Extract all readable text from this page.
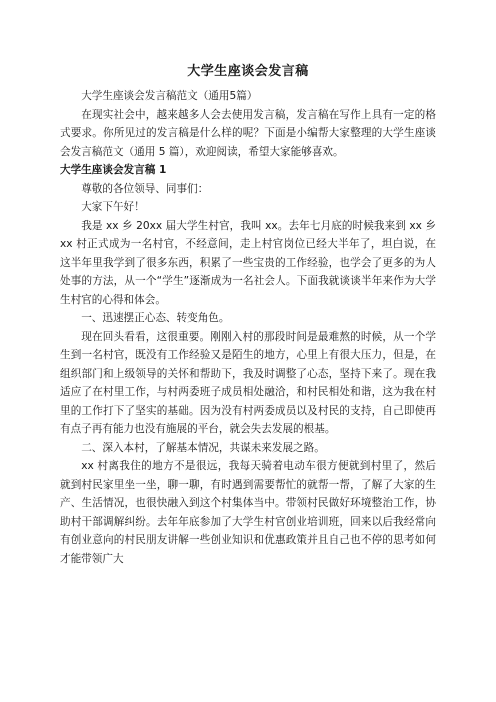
大学生座谈会发言稿

大学生座谈会发言稿范文（通用5篇）

在现实社会中，越来越多人会去使用发言稿，发言稿在写作上具有一定的格式要求。你所见过的发言稿是什么样的呢？下面是小编帮大家整理的大学生座谈会发言稿范文（通用 5 篇），欢迎阅读，希望大家能够喜欢。

大学生座谈会发言稿 1

尊敬的各位领导、同事们：

大家下午好！

我是 xx 乡 20xx 届大学生村官，我叫 xx。去年七月底的时候我来到 xx 乡 xx 村正式成为一名村官，不经意间，走上村官岗位已经大半年了，坦白说，在这半年里我学到了很多东西，积累了一些宝贵的工作经验，也学会了更多的为人处事的方法，从一个“学生”逐渐成为一名社会人。下面我就谈谈半年来作为大学生村官的心得和体会。

一、迅速摆正心态、转变角色。

现在回头看看，这很重要。刚刚入村的那段时间是最难熬的时候，从一个学生到一名村官，既没有工作经验又是陌生的地方，心里上有很大压力，但是，在组织部门和上级领导的关怀和帮助下，我及时调整了心态，坚持下来了。现在我适应了在村里工作，与村两委班子成员相处融洽，和村民相处和谐，这为我在村里的工作打下了坚实的基础。因为没有村两委成员以及村民的支持，自己即使再有点子再有能力也没有施展的平台，就会失去发展的根基。

二、深入本村，了解基本情况，共谋未来发展之路。

xx 村离我住的地方不是很远，我每天骑着电动车很方便就到村里了，然后就到村民家里坐一坐，聊一聊，有时遇到需要帮忙的就帮一帮，了解了大家的生产、生活情况，也很快融入到这个村集体当中。带领村民做好环境整治工作，协助村干部调解纠纷。去年年底参加了大学生村官创业培训班，回来以后我经常向有创业意向的村民朋友讲解一些创业知识和优惠政策并且自己也不停的思考如何才能带领广大
